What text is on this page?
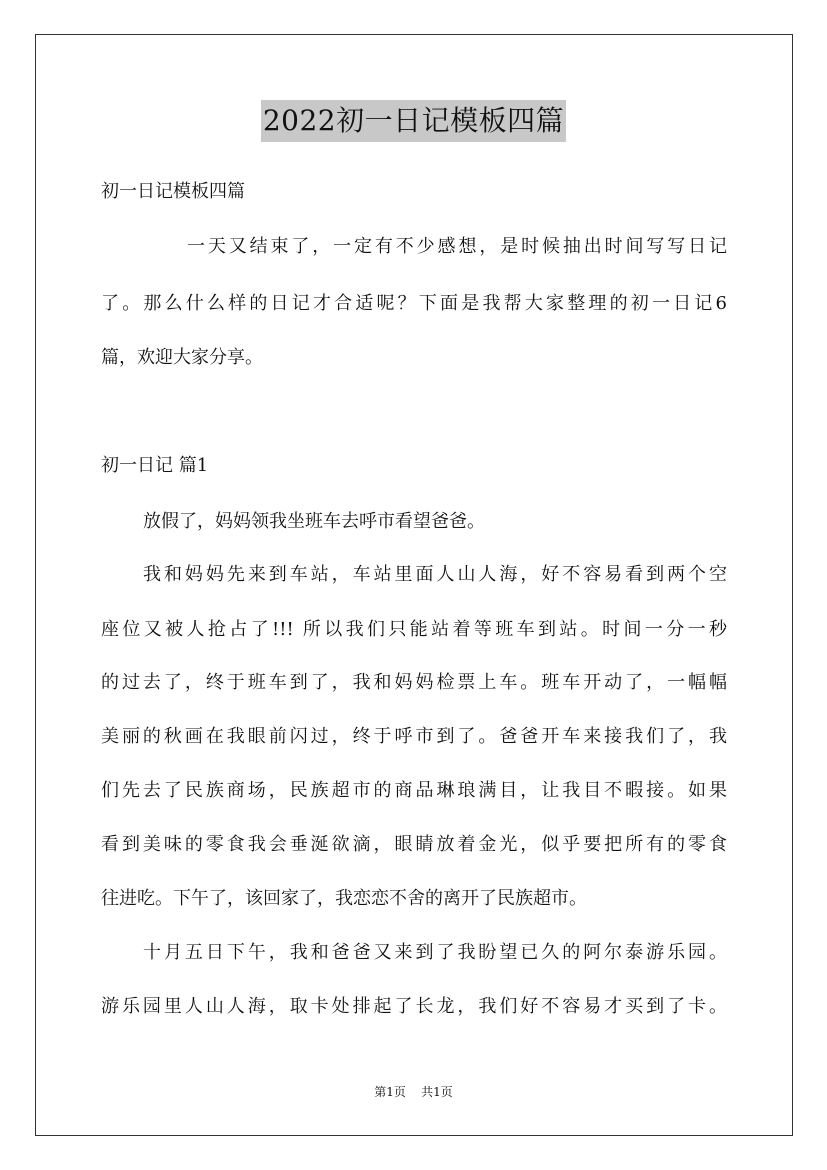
2022初一日记模板四篇
初一日记模板四篇
一天又结束了，一定有不少感想，是时候抽出时间写写日记
了。那么什么样的日记才合适呢？下面是我帮大家整理的初一日记6
篇，欢迎大家分享。
初一日记 篇1
放假了，妈妈领我坐班车去呼市看望爸爸。
我和妈妈先来到车站，车站里面人山人海，好不容易看到两个空
座位又被人抢占了!!! 所以我们只能站着等班车到站。时间一分一秒
的过去了，终于班车到了，我和妈妈检票上车。班车开动了，一幅幅
美丽的秋画在我眼前闪过，终于呼市到了。爸爸开车来接我们了，我
们先去了民族商场，民族超市的商品琳琅满目，让我目不暇接。如果
看到美味的零食我会垂涎欲滴，眼睛放着金光，似乎要把所有的零食
往进吃。下午了，该回家了，我恋恋不舍的离开了民族超市。
十月五日下午，我和爸爸又来到了我盼望已久的阿尔泰游乐园。
游乐园里人山人海，取卡处排起了长龙，我们好不容易才买到了卡。
第1页 共1页
